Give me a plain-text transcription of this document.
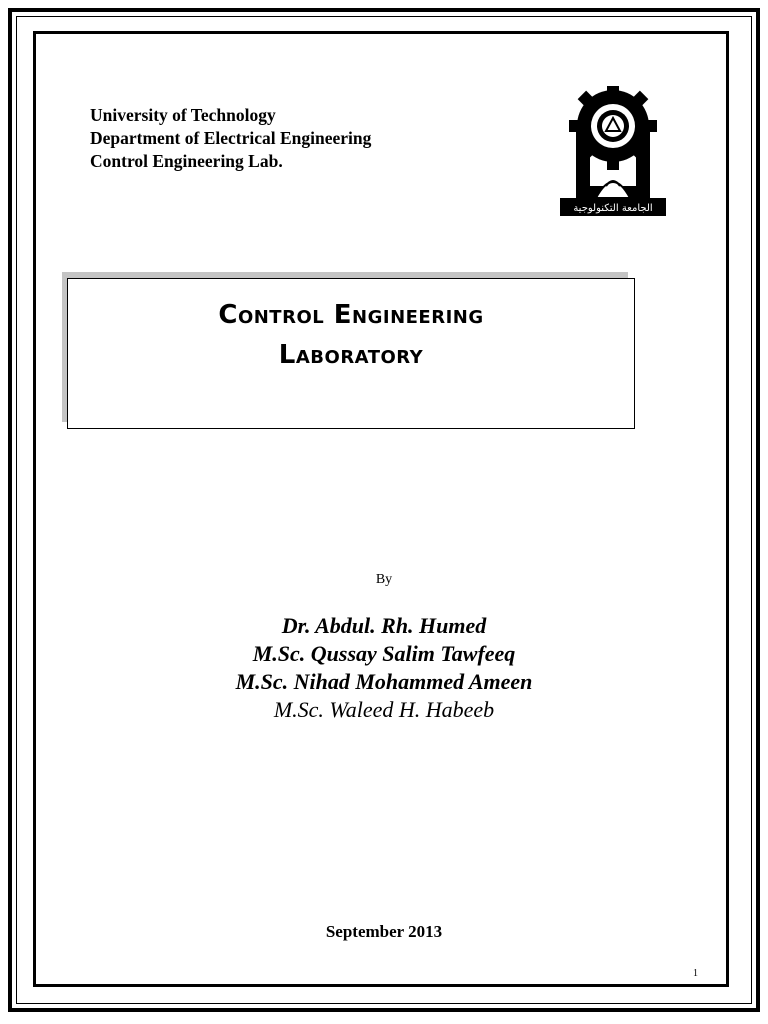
University of Technology
Department of Electrical Engineering
Control Engineering Lab.
الجامعة التكنولوجية
Control Engineering
Laboratory
By
Dr. Abdul. Rh. Humed
M.Sc. Qussay Salim Tawfeeq
M.Sc. Nihad Mohammed Ameen
M.Sc. Waleed H. Habeeb
September 2013
1
